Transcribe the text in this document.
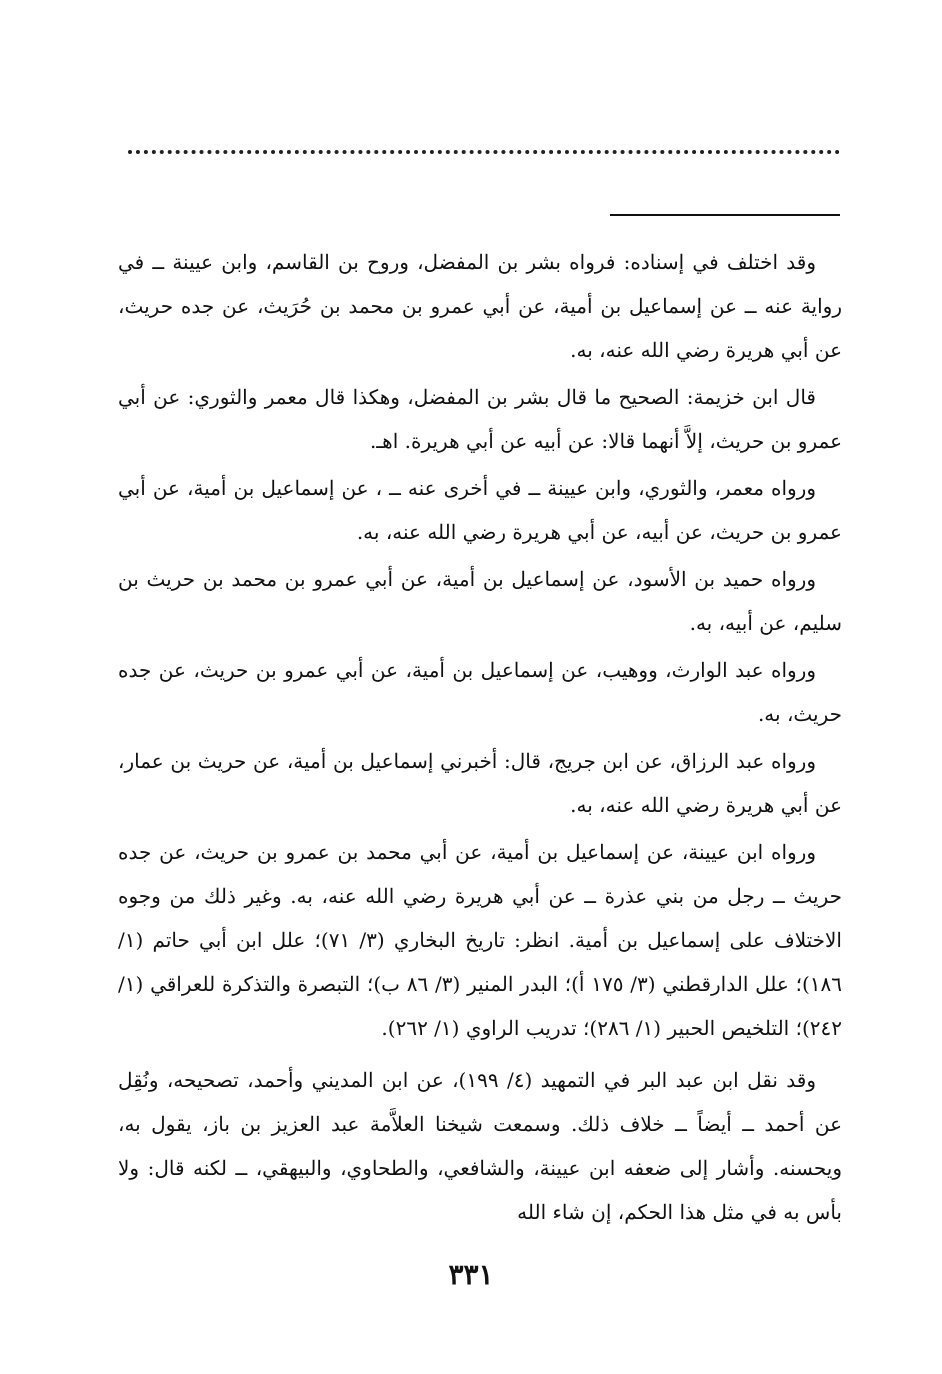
وقد اختلف في إسناده: فرواه بشر بن المفضل، وروح بن القاسم، وابن عيينة ــ في رواية عنه ــ عن إسماعيل بن أمية، عن أبي عمرو بن محمد بن حُرَيث، عن جده حريث، عن أبي هريرة رضي الله عنه، به.

قال ابن خزيمة: الصحيح ما قال بشر بن المفضل، وهكذا قال معمر والثوري: عن أبي عمرو بن حريث، إلاَّ أنهما قالا: عن أبيه عن أبي هريرة. اهـ.

ورواه معمر، والثوري، وابن عيينة ــ في أخرى عنه ــ ، عن إسماعيل بن أمية، عن أبي عمرو بن حريث، عن أبيه، عن أبي هريرة رضي الله عنه، به.

ورواه حميد بن الأسود، عن إسماعيل بن أمية، عن أبي عمرو بن محمد بن حريث بن سليم، عن أبيه، به.

ورواه عبد الوارث، ووهيب، عن إسماعيل بن أمية، عن أبي عمرو بن حريث، عن جده حريث، به.

ورواه عبد الرزاق، عن ابن جريج، قال: أخبرني إسماعيل بن أمية، عن حريث بن عمار، عن أبي هريرة رضي الله عنه، به.

ورواه ابن عيينة، عن إسماعيل بن أمية، عن أبي محمد بن عمرو بن حريث، عن جده حريث ــ رجل من بني عذرة ــ عن أبي هريرة رضي الله عنه، به. وغير ذلك من وجوه الاختلاف على إسماعيل بن أمية. انظر: تاريخ البخاري (٣/ ٧١)؛ علل ابن أبي حاتم (١/ ١٨٦)؛ علل الدارقطني (٣/ ١٧٥ أ)؛ البدر المنير (٣/ ٨٦ ب)؛ التبصرة والتذكرة للعراقي (١/ ٢٤٢)؛ التلخيص الحبير (١/ ٢٨٦)؛ تدريب الراوي (١/ ٢٦٢).

وقد نقل ابن عبد البر في التمهيد (٤/ ١٩٩)، عن ابن المديني وأحمد، تصحيحه، ونُقِل عن أحمد ــ أيضاً ــ خلاف ذلك. وسمعت شيخنا العلاَّمة عبد العزيز بن باز، يقول به، ويحسنه. وأشار إلى ضعفه ابن عيينة، والشافعي، والطحاوي، والبيهقي، ــ لكنه قال: ولا بأس به في مثل هذا الحكم، إن شاء الله

٣٣١
